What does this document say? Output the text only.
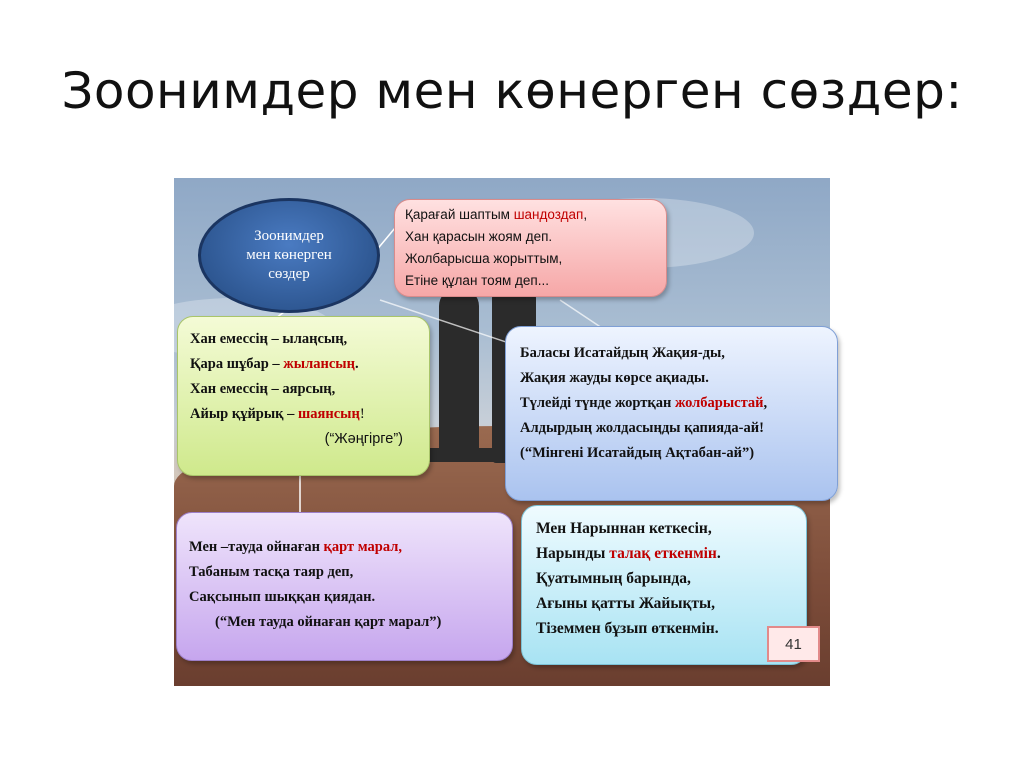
Зоонимдер мен көнерген сөздер:
Зоонимдер
мен көнерген
сөздер
Қарағай шаптым шандоздап,
Хан қарасын жоям деп.
Жолбарысша жорыттым,
Етіне құлан тоям деп...
Хан емессің – ылаңсың,
Қара шұбар – жылансың.
Хан емессің – аярсың,
Айыр құйрық – шаянсың!
(“Жәңгірге”)
Баласы Исатайдың Жақия-ды,
Жақия жауды көрсе ақиады.
Түлейді түнде жортқан жолбарыстай,
Алдырдың жолдасыңды қапияда-ай!
(“Мінгені Исатайдың Ақтабан-ай”)
Мен –тауда ойнаған қарт марал,
Табаным тасқа таяр деп,
Сақсынып шыққан қиядан.
(“Мен тауда ойнаған қарт марал”)
Мен Нарыннан кеткесін,
Нарынды талақ еткенмін.
Қуатымның барында,
Ағыны қатты Жайықты,
Тіземмен бұзып өткенмін.
41
